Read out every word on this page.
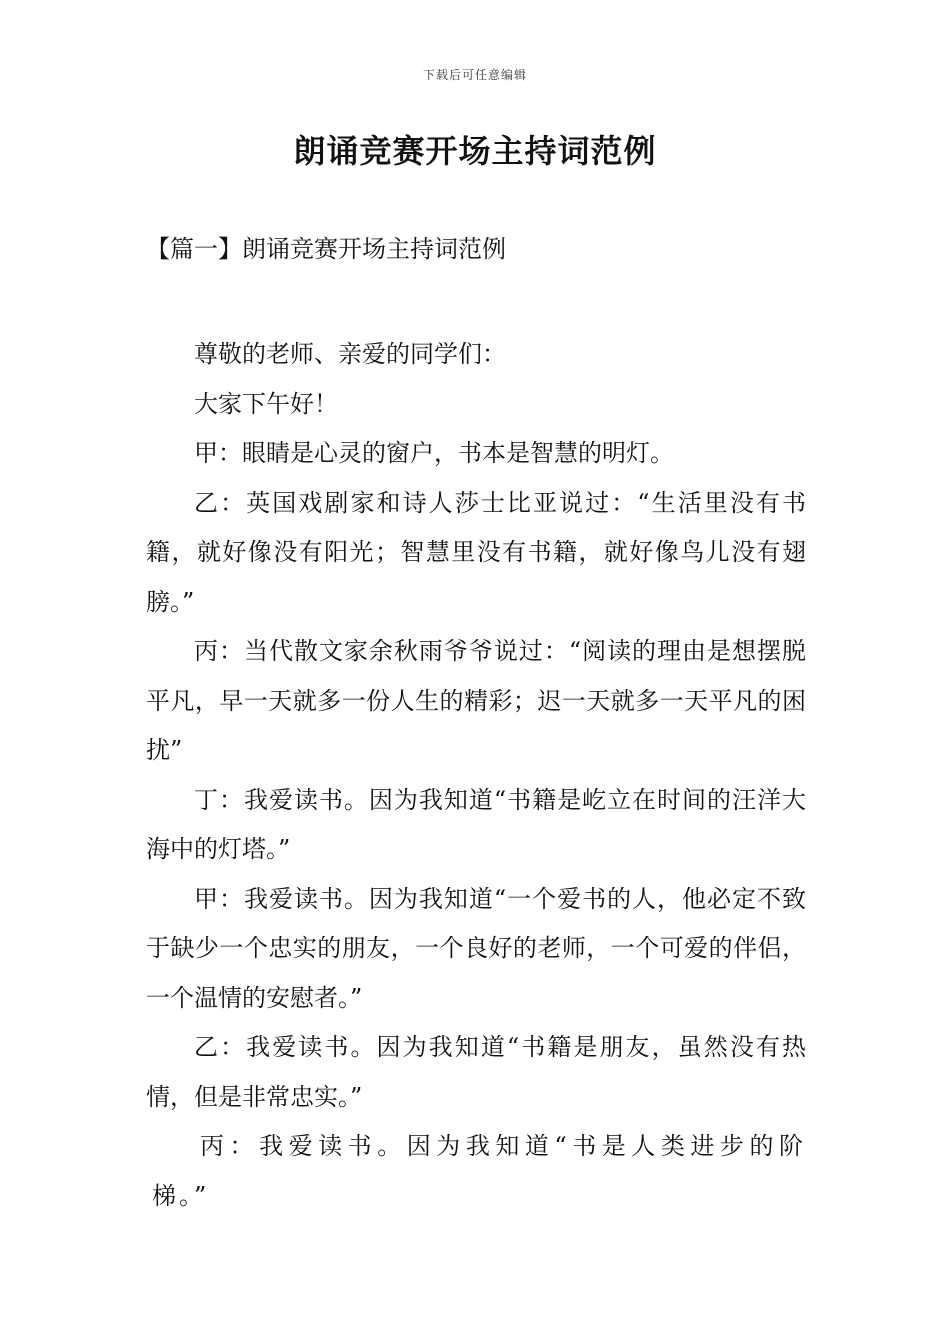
下载后可任意编辑
朗诵竞赛开场主持词范例
【篇一】朗诵竞赛开场主持词范例

尊敬的老师、亲爱的同学们：

大家下午好！

甲：眼睛是心灵的窗户，书本是智慧的明灯。

乙：英国戏剧家和诗人莎士比亚说过：“生活里没有书籍，就好像没有阳光；智慧里没有书籍，就好像鸟儿没有翅膀。”

丙：当代散文家余秋雨爷爷说过：“阅读的理由是想摆脱平凡，早一天就多一份人生的精彩；迟一天就多一天平凡的困扰”

丁：我爱读书。因为我知道“书籍是屹立在时间的汪洋大海中的灯塔。”

甲：我爱读书。因为我知道“一个爱书的人，他必定不致于缺少一个忠实的朋友，一个良好的老师，一个可爱的伴侣，一个温情的安慰者。”

乙：我爱读书。因为我知道“书籍是朋友，虽然没有热情，但是非常忠实。”

丙：我爱读书。因为我知道“书是人类进步的阶梯。”
